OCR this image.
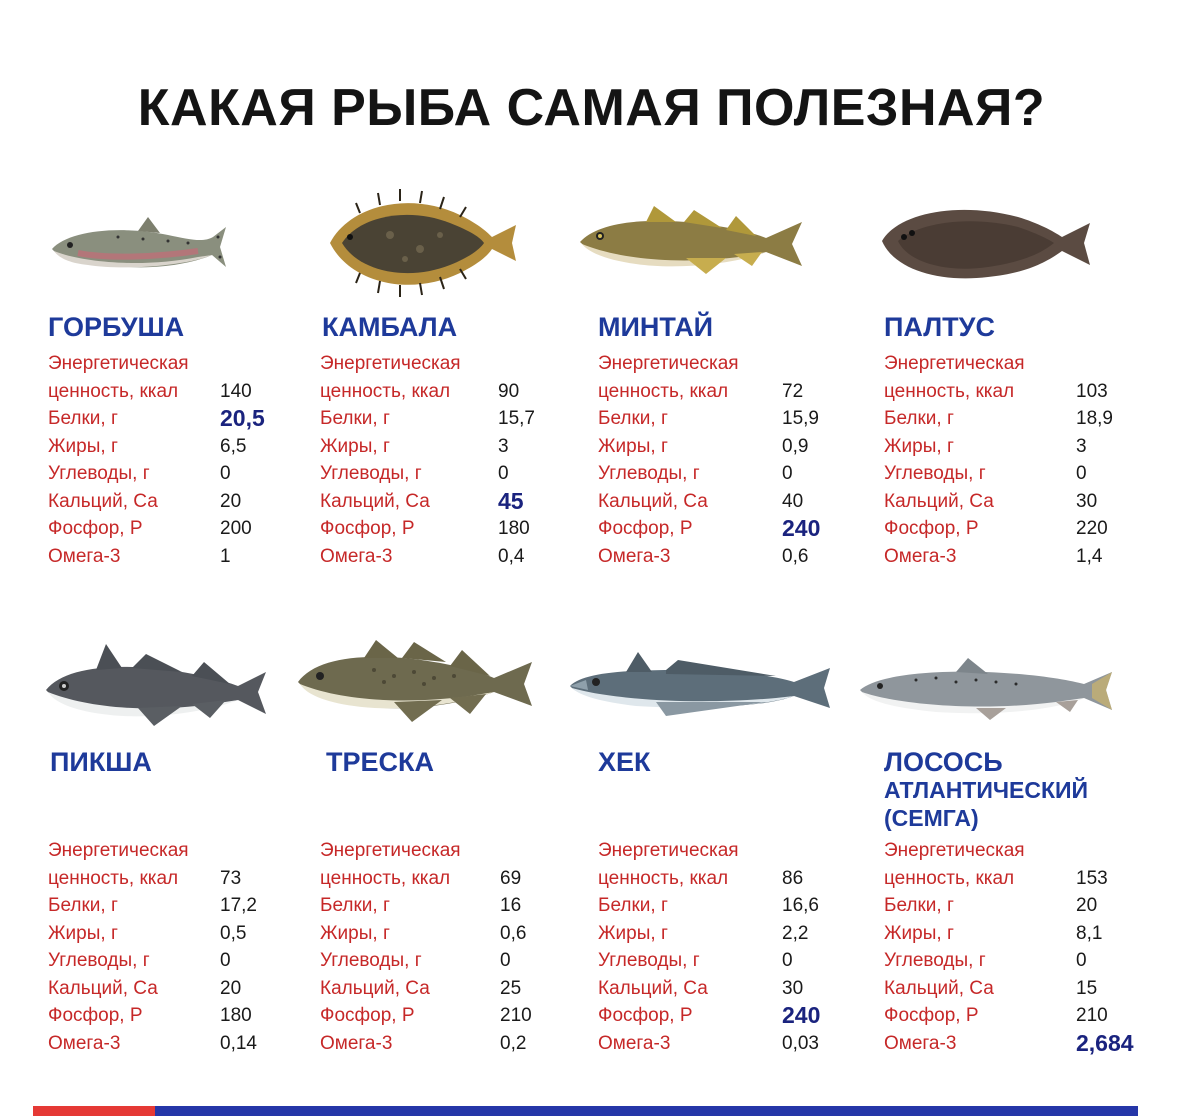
КАКАЯ РЫБА САМАЯ ПОЛЕЗНАЯ?
ГОРБУША
Энергетическая
ценность, ккал 140
Белки, г	20,5
Жиры, г	6,5
Углеводы, г	0
Кальций, Са	20
Фосфор, Р	200
Омега-3	1
КАМБАЛА
Энергетическая
ценность, ккал	90
Белки, г	15,7
Жиры, г	3
Углеводы, г	0
Кальций, Са	45
Фосфор, Р	180
Омега-3	0,4
МИНТАЙ
Энергетическая
ценность, ккал	72
Белки, г	15,9
Жиры, г	0,9
Углеводы, г	0
Кальций, Са	40
Фосфор, Р	240
Омега-3	0,6
ПАЛТУС
Энергетическая
ценность, ккал	103
Белки, г	18,9
Жиры, г	3
Углеводы, г	0
Кальций, Са	30
Фосфор, Р	220
Омега-3	1,4
ПИКША
Энергетическая
ценность, ккал 73
Белки, г	17,2
Жиры, г	0,5
Углеводы, г	0
Кальций, Са	20
Фосфор, Р	180
Омега-3	0,14
ТРЕСКА
Энергетическая
ценность, ккал	69
Белки, г	16
Жиры, г	0,6
Углеводы, г	0
Кальций, Са	25
Фосфор, Р	210
Омега-3	0,2
ХЕК
Энергетическая
ценность, ккал	86
Белки, г	16,6
Жиры, г	2,2
Углеводы, г	0
Кальций, Са	30
Фосфор, Р	240
Омега-3	0,03
ЛОСОСЬ
АТЛАНТИЧЕСКИЙ (СЕМГА)
Энергетическая
ценность, ккал	153
Белки, г	20
Жиры, г	8,1
Углеводы, г	0
Кальций, Са	15
Фосфор, Р	210
Омега-3	2,684
